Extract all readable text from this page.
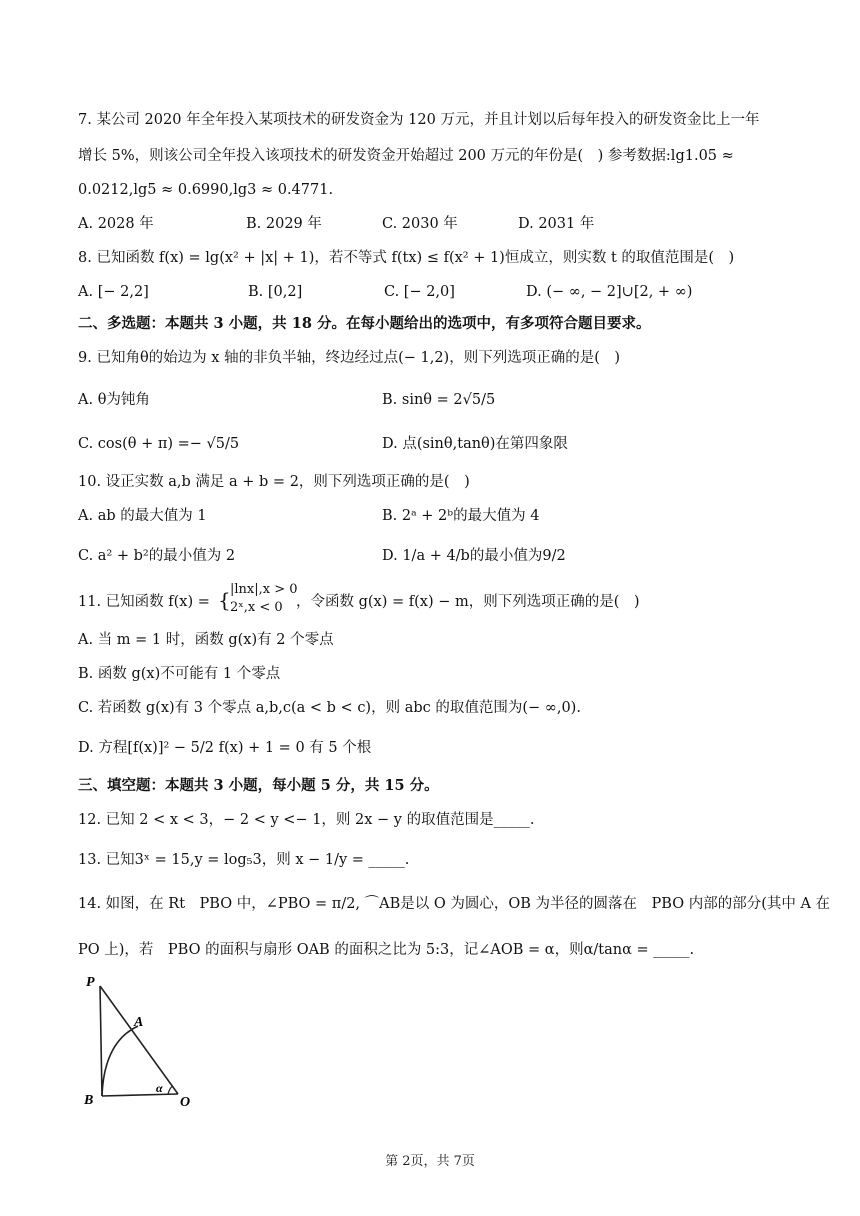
7. 某公司 2020 年全年投入某项技术的研发资金为 120 万元，并且计划以后每年投入的研发资金比上一年
增长 5%，则该公司全年投入该项技术的研发资金开始超过 200 万元的年份是(　) 参考数据:lg1.05 ≈
0.0212,lg5 ≈ 0.6990,lg3 ≈ 0.4771.
A. 2028 年	B. 2029 年	C. 2030 年	D. 2031 年
8. 已知函数 f(x) = lg(x² + |x| + 1)，若不等式 f(tx) ≤ f(x² + 1)恒成立，则实数 t 的取值范围是(　)
A. [− 2,2]	B. [0,2]	C. [− 2,0]	D. (− ∞, − 2]∪[2, + ∞)
二、多选题：本题共 3 小题，共 18 分。在每小题给出的选项中，有多项符合题目要求。
9. 已知角θ的始边为 x 轴的非负半轴，终边经过点(− 1,2)，则下列选项正确的是(　)
A. θ为钝角	B. sinθ = 2√5/5
C. cos(θ + π) =− √5/5	D. 点(sinθ,tanθ)在第四象限
10. 设正实数 a,b 满足 a + b = 2，则下列选项正确的是(　)
A. ab 的最大值为 1	B. 2ᵃ + 2ᵇ的最大值为 4
C. a² + b²的最小值为 2	D. 1/a + 4/b的最小值为9/2
11. 已知函数 f(x) = { |lnx|,x > 0
2ˣ,x < 0 ，令函数 g(x) = f(x) − m，则下列选项正确的是(　)
A. 当 m = 1 时，函数 g(x)有 2 个零点
B. 函数 g(x)不可能有 1 个零点
C. 若函数 g(x)有 3 个零点 a,b,c(a < b < c)，则 abc 的取值范围为(− ∞,0).
D. 方程[f(x)]² − 5/2 f(x) + 1 = 0 有 5 个根
三、填空题：本题共 3 小题，每小题 5 分，共 15 分。
12. 已知 2 < x < 3，− 2 < y <− 1，则 2x − y 的取值范围是_____.
13. 已知3ˣ = 15,y = log₅3，则 x − 1/y = _____.
14. 如图，在 Rt　PBO 中，∠PBO = π/2, ⌒AB是以 O 为圆心，OB 为半径的圆落在　PBO 内部的部分(其中 A 在
PO 上)，若　PBO 的面积与扇形 OAB 的面积之比为 5:3，记∠AOB = α，则α/tanα = _____.
P
A
B	O
α
第 2页，共 7页
